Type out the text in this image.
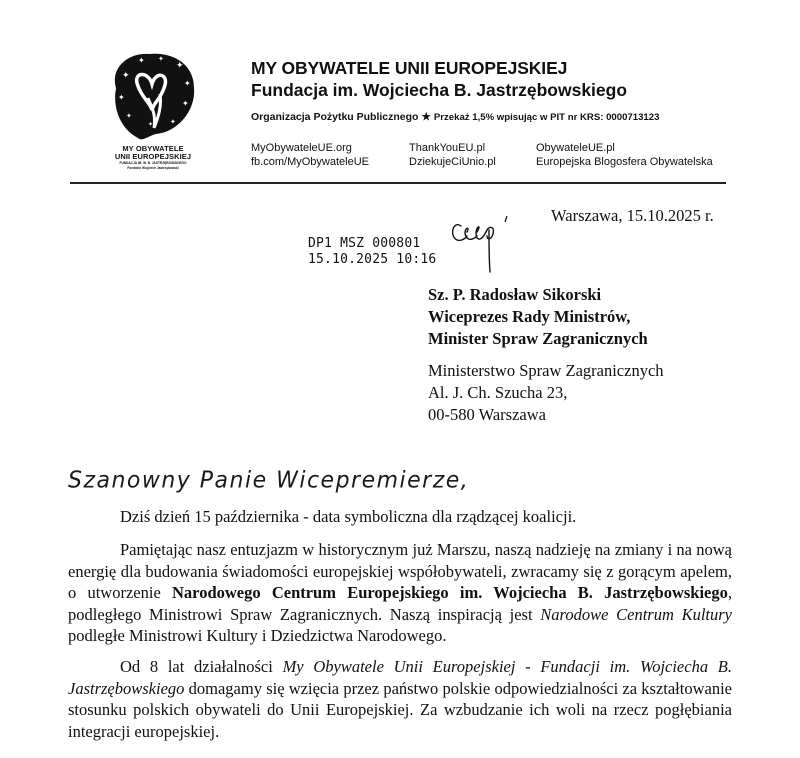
✦
✦ ✦
✦
✦
✦
✦
✦
✦
✦
✦
MY OBYWATELE
UNII EUROPEJSKIEJ
FUNDACJA IM. W. B. JASTRZĘBOWSKIEGO
Fundator Wojciech Jastrzębowski
MY OBYWATELE UNII EUROPEJSKIEJ
Fundacja im. Wojciecha B. Jastrzębowskiego
Organizacja Pożytku Publicznego ★ Przekaż 1,5% wpisując w PIT nr KRS: 0000713123
MyObywateleUE.org
fb.com/MyObywateleUE
ThankYouEU.pl
DziekujeCiUnio.pl
ObywateleUE.pl
Europejska Blogosfera Obywatelska
Warszawa, 15.10.2025 r.
DP1 MSZ 000801
15.10.2025 10:16
Sz. P. Radosław Sikorski
Wiceprezes Rady Ministrów,
Minister Spraw Zagranicznych
Ministerstwo Spraw Zagranicznych
Al. J. Ch. Szucha 23,
00-580 Warszawa
Szanowny Panie Wicepremierze,
Dziś dzień 15 października - data symboliczna dla rządzącej koalicji.
Pamiętając nasz entuzjazm w historycznym już Marszu, naszą nadzieję na zmiany i na nową energię dla budowania świadomości europejskiej współobywateli, zwracamy się z gorącym apelem, o utworzenie Narodowego Centrum Europejskiego im. Wojciecha B. Jastrzębowskiego, podległego Ministrowi Spraw Zagranicznych. Naszą inspiracją jest Narodowe Centrum Kultury podległe Ministrowi Kultury i Dziedzictwa Narodowego.
Od 8 lat działalności My Obywatele Unii Europejskiej - Fundacji im. Wojciecha B. Jastrzębowskiego domagamy się wzięcia przez państwo polskie odpowiedzialności za kształtowanie stosunku polskich obywateli do Unii Europejskiej. Za wzbudzanie ich woli na rzecz pogłębiania integracji europejskiej.
